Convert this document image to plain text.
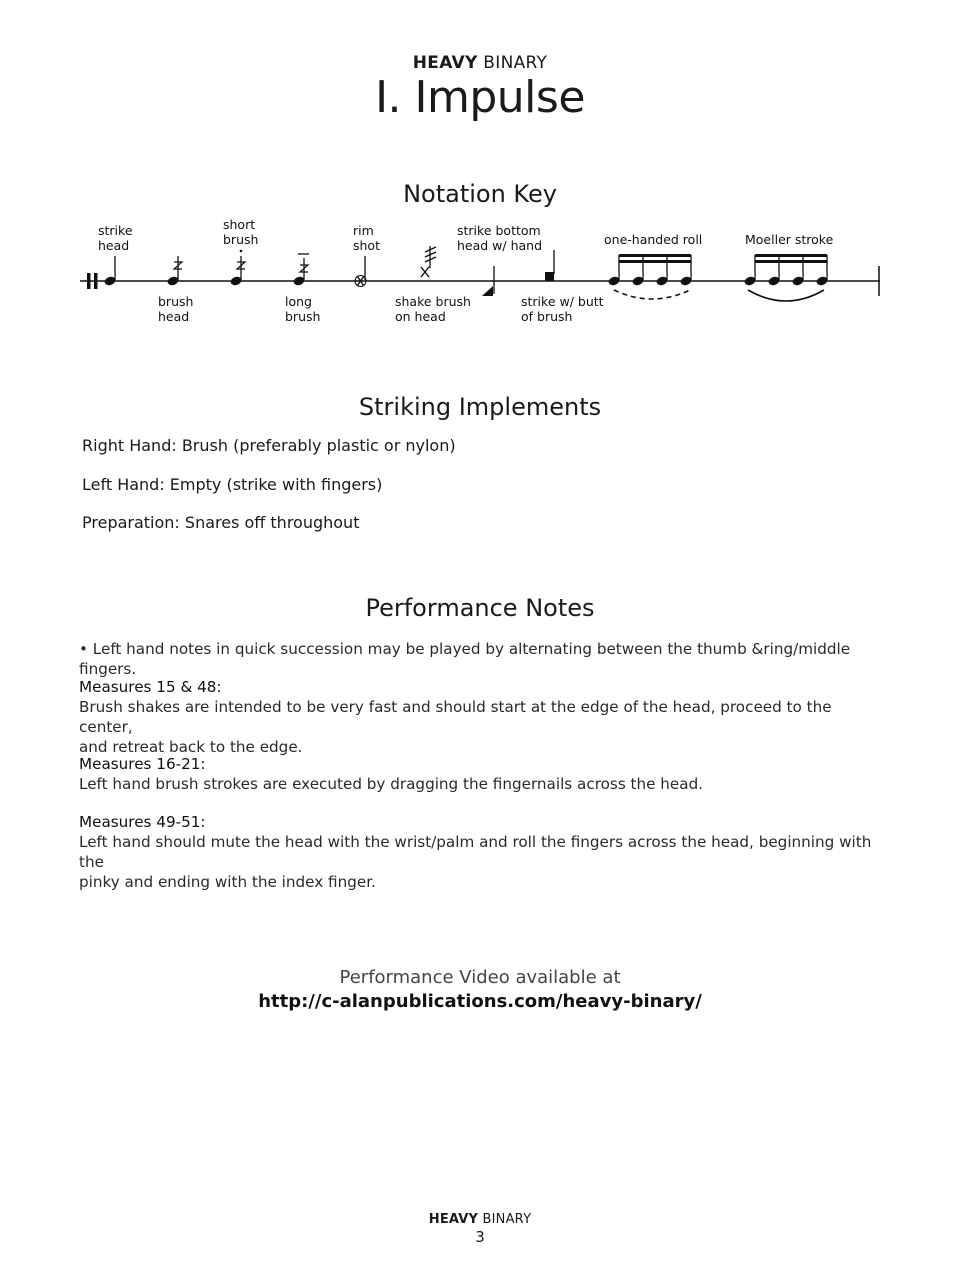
HEAVY BINARY
I. Impulse
Notation Key
strike
head
brush
head
short
brush
long
brush
rim
shot
shake brush
on head
strike bottom
head w/ hand
strike w/ butt
of brush
one-handed roll	Moeller stroke
Striking Implements
Right Hand: Brush (preferably plastic or nylon)
Left Hand: Empty (strike with fingers)
Preparation: Snares off throughout
Performance Notes
• Left hand notes in quick succession may be played by alternating between the thumb &ring/middle fingers.

Measures 15 & 48:

Brush shakes are intended to be very fast and should start at the edge of the head, proceed to the center,

and retreat back to the edge.

Measures 16-21:

Left hand brush strokes are executed by dragging the fingernails across the head.

Measures 49-51:

Left hand should mute the head with the wrist/palm and roll the fingers across the head, beginning with the

pinky and ending with the index finger.

Performance Video available at
http://c-alanpublications.com/heavy-binary/
HEAVY BINARY
3
